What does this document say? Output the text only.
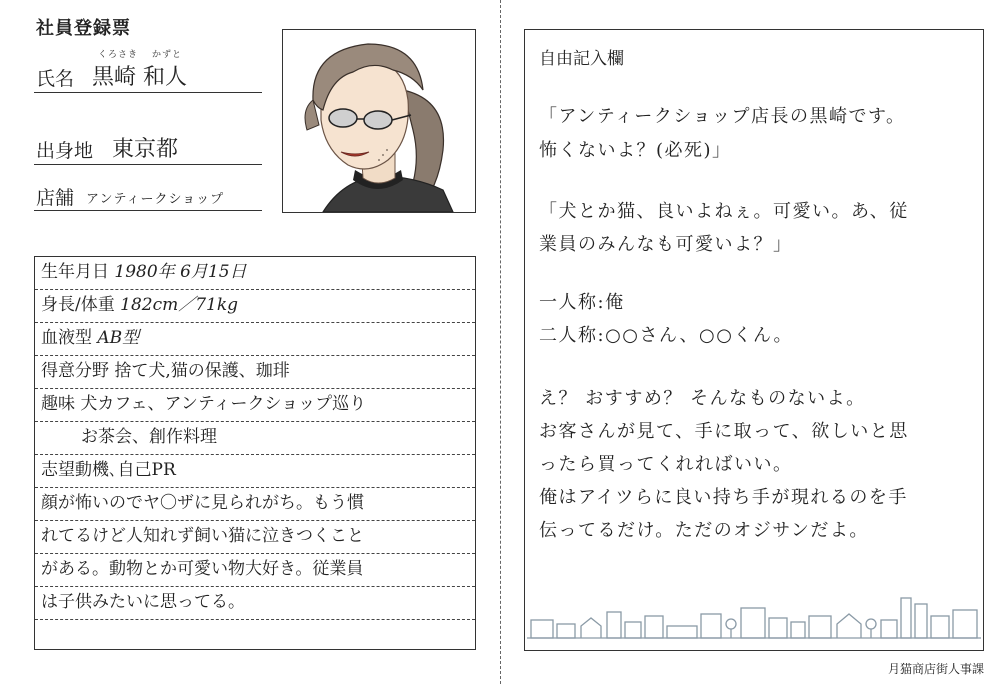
社員登録票
くろさき かずと
氏名 黒崎 和人
出身地 東京都
店舗 アンティークショップ
生年月日 1980年 6月15日
身長/体重 182cm／71kg
血液型 AB型
得意分野 捨て犬,猫の保護、珈琲
趣味 犬カフェ、アンティークショップ巡り
お茶会、創作料理
志望動機､自己PR
顔が怖いのでヤ〇ザに見られがち。もう慣
れてるけど人知れず飼い猫に泣きつくこと
がある。動物とか可愛い物大好き。従業員
は子供みたいに思ってる。
自由記入欄
「アンティークショップ店長の黒崎です。
怖くないよ？(必死)」
「犬とか猫、良いよねぇ。可愛い。あ、従
業員のみんなも可愛いよ？」
一人称:俺
二人称:○○さん、○○くん。
え？ おすすめ？ そんなものないよ。
お客さんが見て、手に取って、欲しいと思
ったら買ってくれればいい。
俺はアイツらに良い持ち手が現れるのを手
伝ってるだけ。ただのオジサンだよ。
月猫商店街人事課
